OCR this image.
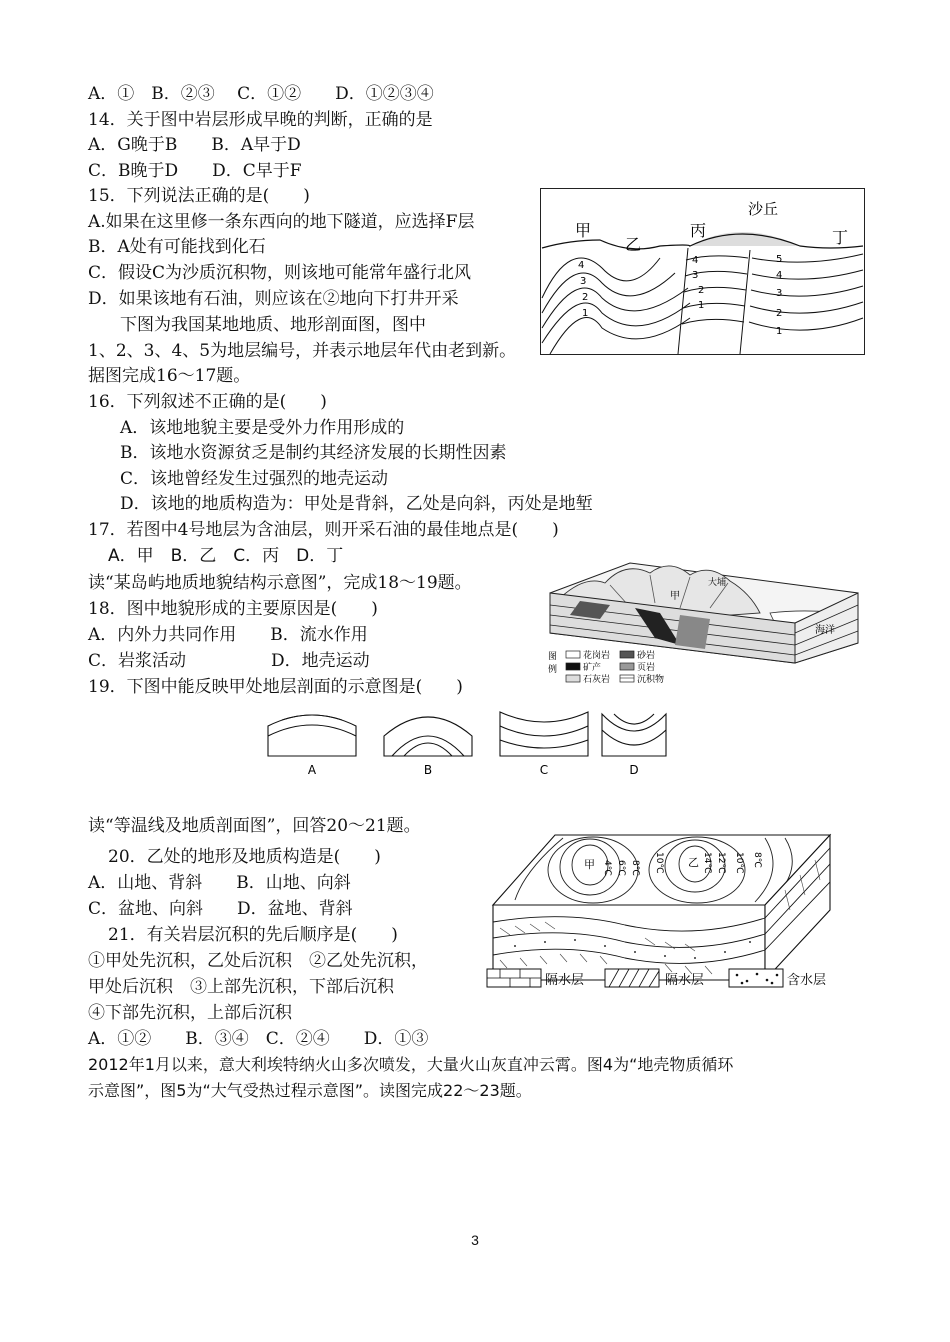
A．①　B．②③　 C．①②　　D．①②③④
14．关于图中岩层形成早晚的判断，正确的是
A．G晚于B　　B．A早于D
C．B晚于D　　D．C早于F
15．下列说法正确的是(　　)
A.如果在这里修一条东西向的地下隧道，应选择F层
B．A处有可能找到化石
C．假设C为沙质沉积物，则该地可能常年盛行北风
D．如果该地有石油，则应该在②地向下打井开采
下图为我国某地地质、地形剖面图，图中
1、2、3、4、5为地层编号，并表示地层年代由老到新。
据图完成16～17题。
16．下列叙述不正确的是(　　)
A．该地地貌主要是受外力作用形成的
B．该地水资源贫乏是制约其经济发展的长期性因素
C．该地曾经发生过强烈的地壳运动
D．该地的地质构造为：甲处是背斜，乙处是向斜，丙处是地堑
17．若图中4号地层为含油层，则开采石油的最佳地点是(　　)
A．甲　B．乙　C．丙　D．丁
读“某岛屿地质地貌结构示意图”，完成18～19题。
18．图中地貌形成的主要原因是(　　)
A．内外力共同作用　　B．流水作用
C．岩浆活动　　　　　D．地壳运动
19．下图中能反映甲处地层剖面的示意图是(　　)
读“等温线及地质剖面图”，回答20～21题。
20．乙处的地形及地质构造是(　　)
A．山地、背斜　　B．山地、向斜
C．盆地、向斜　　D．盆地、背斜
21．有关岩层沉积的先后顺序是(　　)
①甲处先沉积，乙处后沉积　②乙处先沉积，
甲处后沉积　③上部先沉积，下部后沉积
④下部先沉积，上部后沉积
A．①②　　B．③④　C．②④　　D．①③
2012年1月以来，意大利埃特纳火山多次喷发，大量火山灰直冲云霄。图4为“地壳物质循环
示意图”，图5为“大气受热过程示意图”。读图完成22～23题。
甲
乙
丙	丁
沙丘
1
2
3
4
1
2
3
4
1
2
3
4
5
甲
大埔
海洋
图
例
花岗岩	砂岩
矿产	页岩
石灰岩	沉积物
A	B	C	D
甲	乙
4℃ 6℃ 8℃ 10℃	14℃ 12℃ 10℃ 8℃
隔水层	隔水层	含水层
3
